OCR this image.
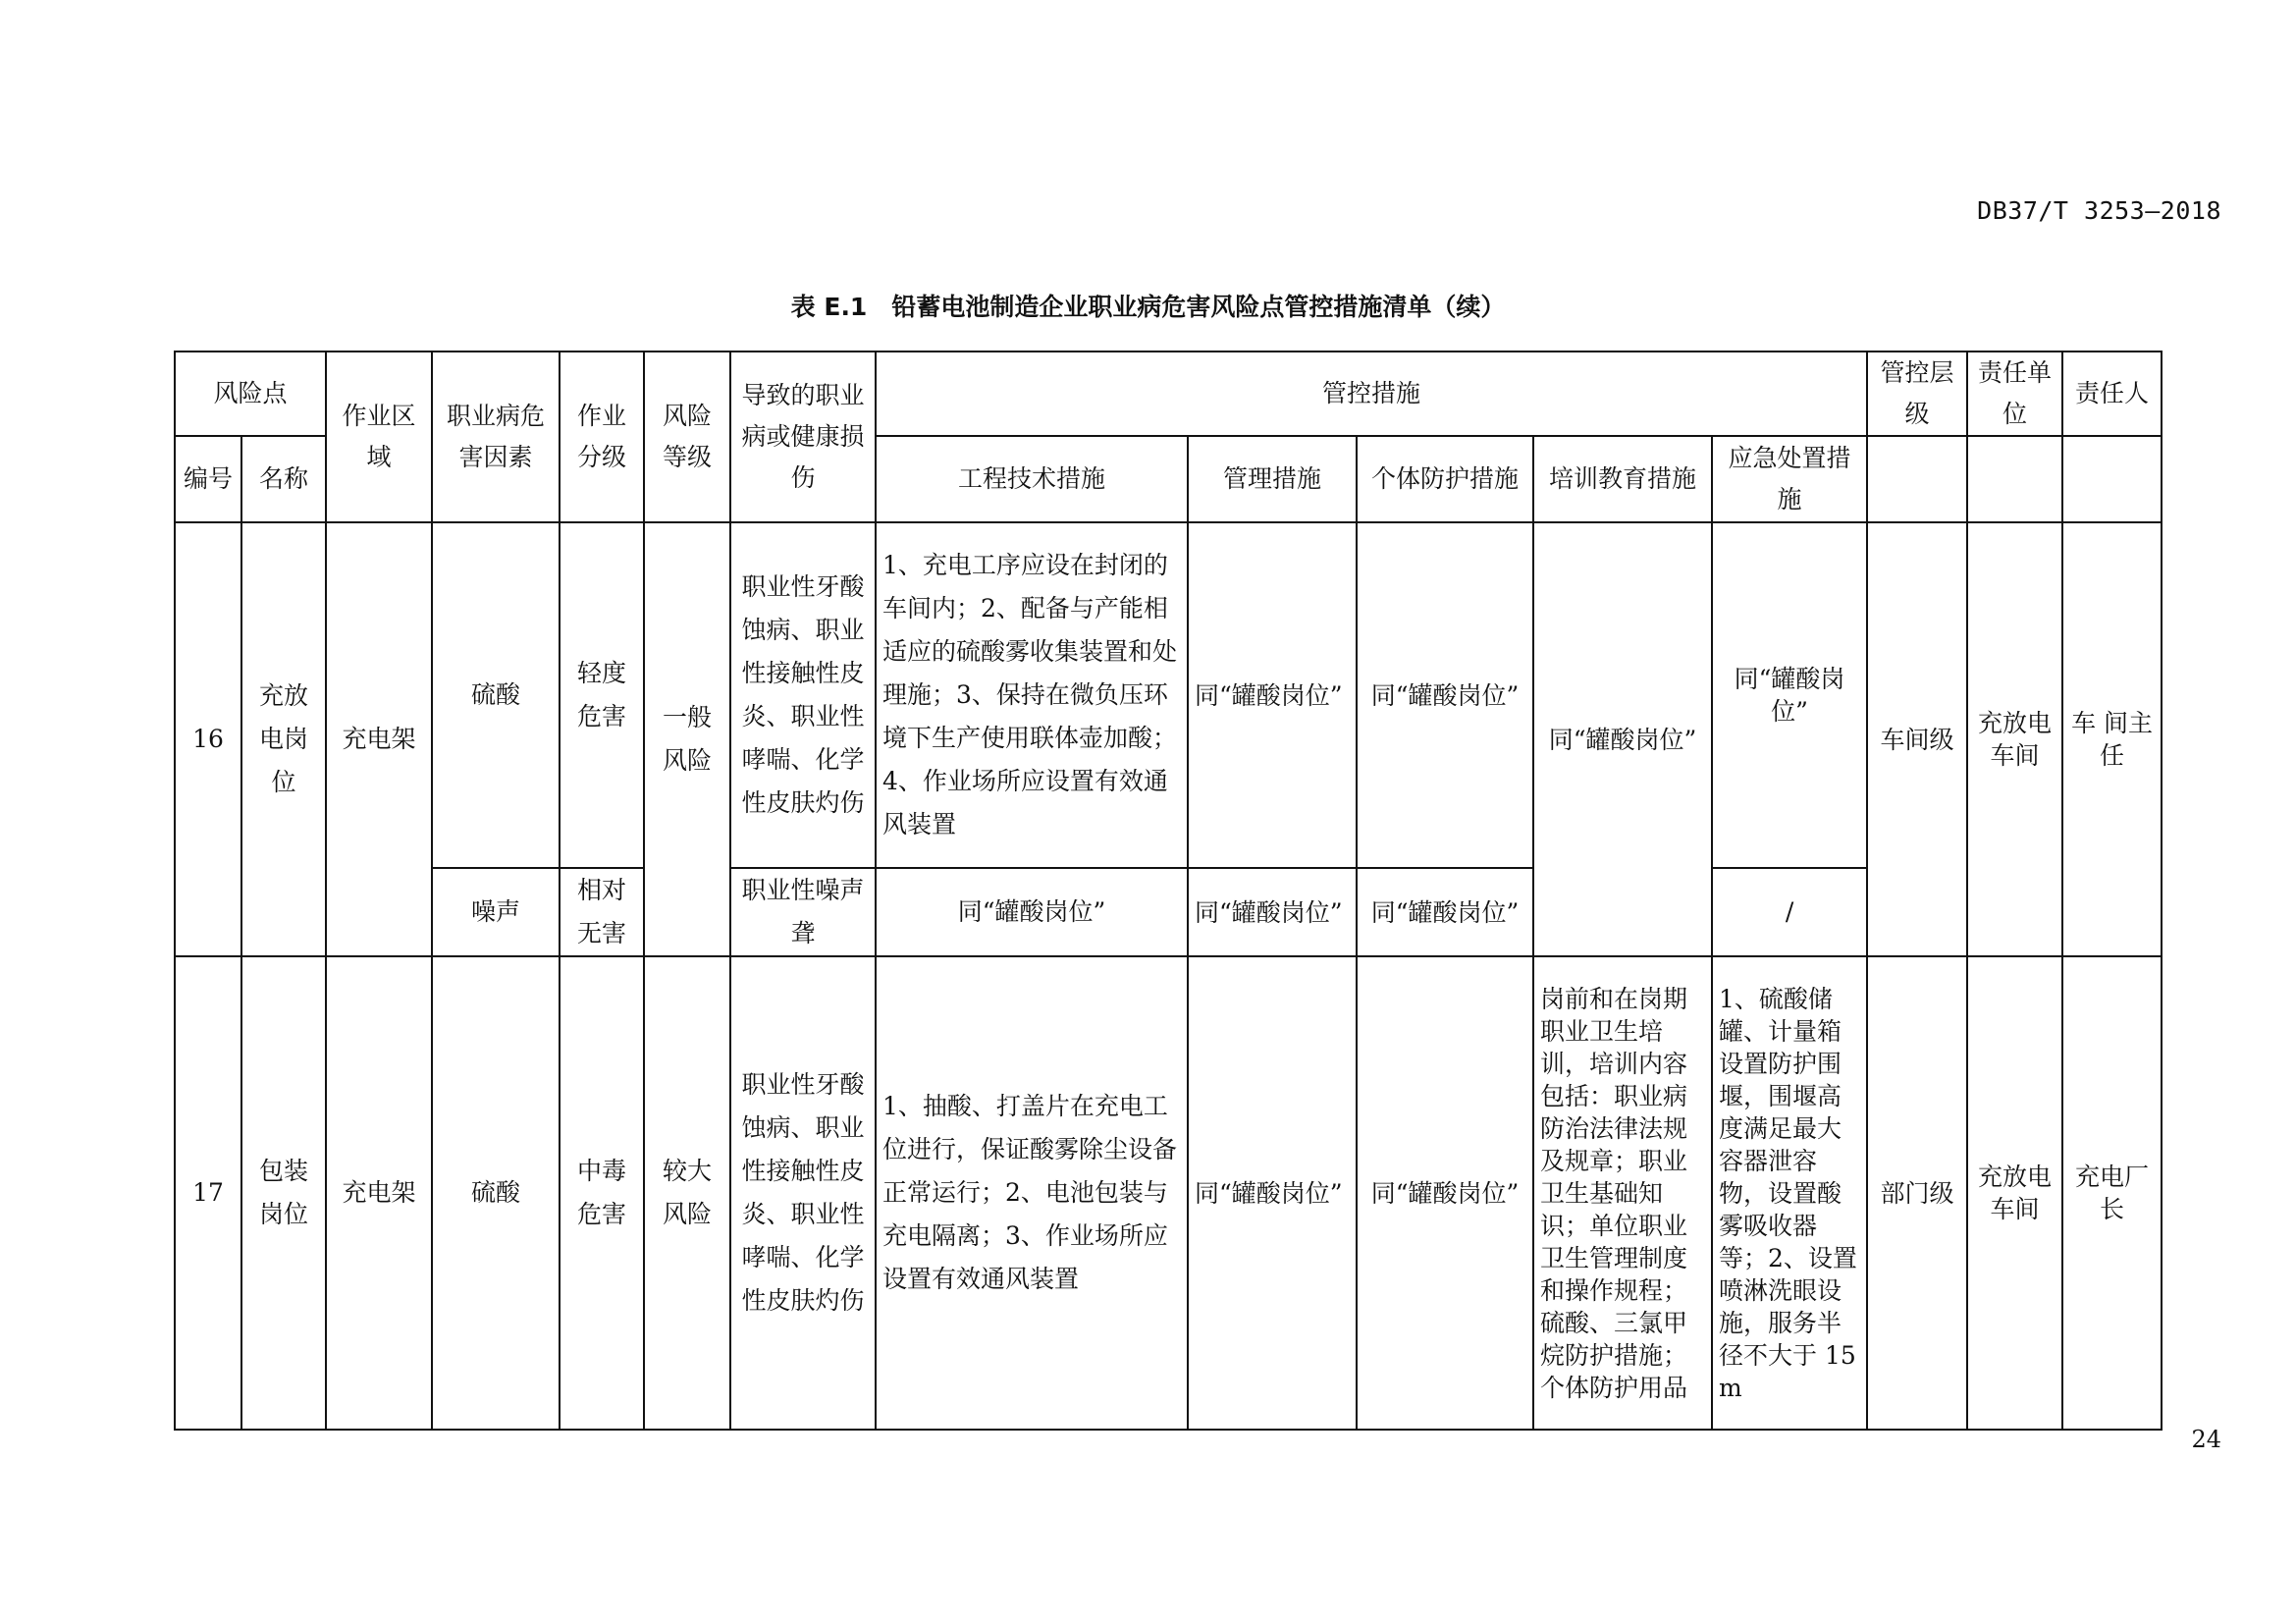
DB37/T 3253—2018
表 E.1　铅蓄电池制造企业职业病危害风险点管控措施清单（续）
风险点		作业区域	职业病危害因素	作业分级	风险等级	导致的职业病或健康损伤	管控措施					管控层级	责任单位	责任人
编号	名称						工程技术措施	管理措施	个体防护措施	培训教育措施	应急处置措施			
16	充放电岗位	充电架	硫酸	轻度危害	一般风险	职业性牙酸蚀病、职业性接触性皮炎、职业性哮喘、化学性皮肤灼伤	1、充电工序应设在封闭的车间内；2、配备与产能相适应的硫酸雾收集装置和处理施；3、保持在微负压环境下生产使用联体壶加酸；4、作业场所应设置有效通风装置	同“罐酸岗位”	同“罐酸岗位”	同“罐酸岗位”	同“罐酸岗位”	车间级	充放电车间	车 间主任
			噪声	相对无害		职业性噪声聋	同“罐酸岗位”	同“罐酸岗位”	同“罐酸岗位”		/			
17	包装岗位	充电架	硫酸	中毒危害	较大风险	职业性牙酸蚀病、职业性接触性皮炎、职业性哮喘、化学性皮肤灼伤	1、抽酸、打盖片在充电工位进行，保证酸雾除尘设备正常运行；2、电池包装与充电隔离；3、作业场所应设置有效通风装置	同“罐酸岗位”	同“罐酸岗位”	岗前和在岗期职业卫生培训，培训内容包括：职业病防治法律法规及规章；职业卫生基础知识；单位职业卫生管理制度和操作规程；硫酸、三氯甲烷防护措施；个体防护用品	1、硫酸储罐、计量箱设置防护围堰，围堰高度满足最大容器泄容物，设置酸雾吸收器等；2、设置喷淋洗眼设施，服务半径不大于 15m	部门级	充放电车间	充电厂长
24
